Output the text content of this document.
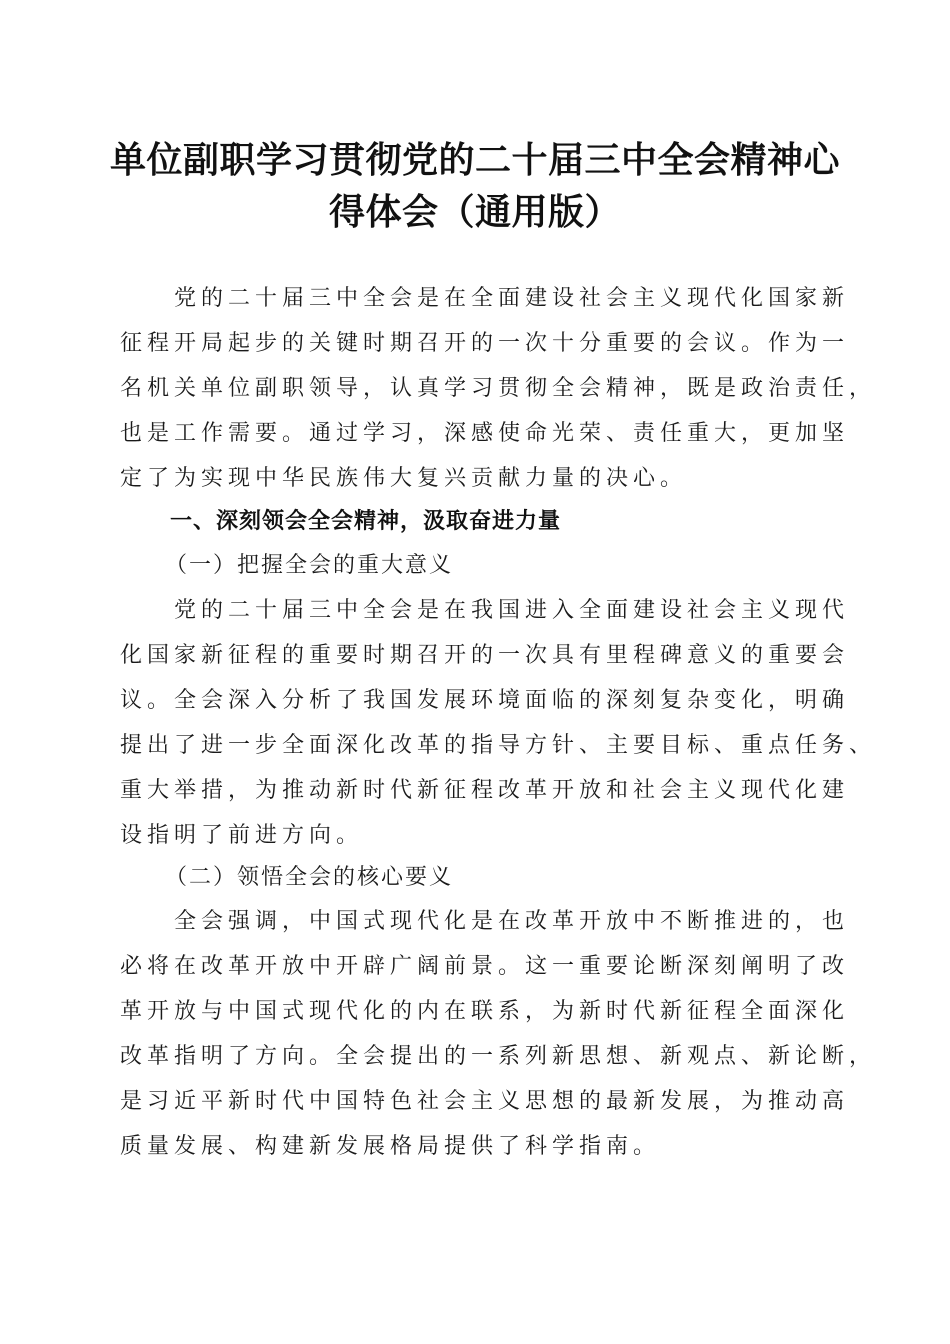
单位副职学习贯彻党的二十届三中全会精神心
得体会（通用版）
　　党的二十届三中全会是在全面建设社会主义现代化国家新
征程开局起步的关键时期召开的一次十分重要的会议。作为一
名机关单位副职领导，认真学习贯彻全会精神，既是政治责任，
也是工作需要。通过学习，深感使命光荣、责任重大，更加坚
定了为实现中华民族伟大复兴贡献力量的决心。
一、深刻领会全会精神，汲取奋进力量
（一）把握全会的重大意义
　　党的二十届三中全会是在我国进入全面建设社会主义现代
化国家新征程的重要时期召开的一次具有里程碑意义的重要会
议。全会深入分析了我国发展环境面临的深刻复杂变化，明确
提出了进一步全面深化改革的指导方针、主要目标、重点任务、
重大举措，为推动新时代新征程改革开放和社会主义现代化建
设指明了前进方向。
（二）领悟全会的核心要义
　　全会强调，中国式现代化是在改革开放中不断推进的，也
必将在改革开放中开辟广阔前景。这一重要论断深刻阐明了改
革开放与中国式现代化的内在联系，为新时代新征程全面深化
改革指明了方向。全会提出的一系列新思想、新观点、新论断，
是习近平新时代中国特色社会主义思想的最新发展，为推动高
质量发展、构建新发展格局提供了科学指南。
